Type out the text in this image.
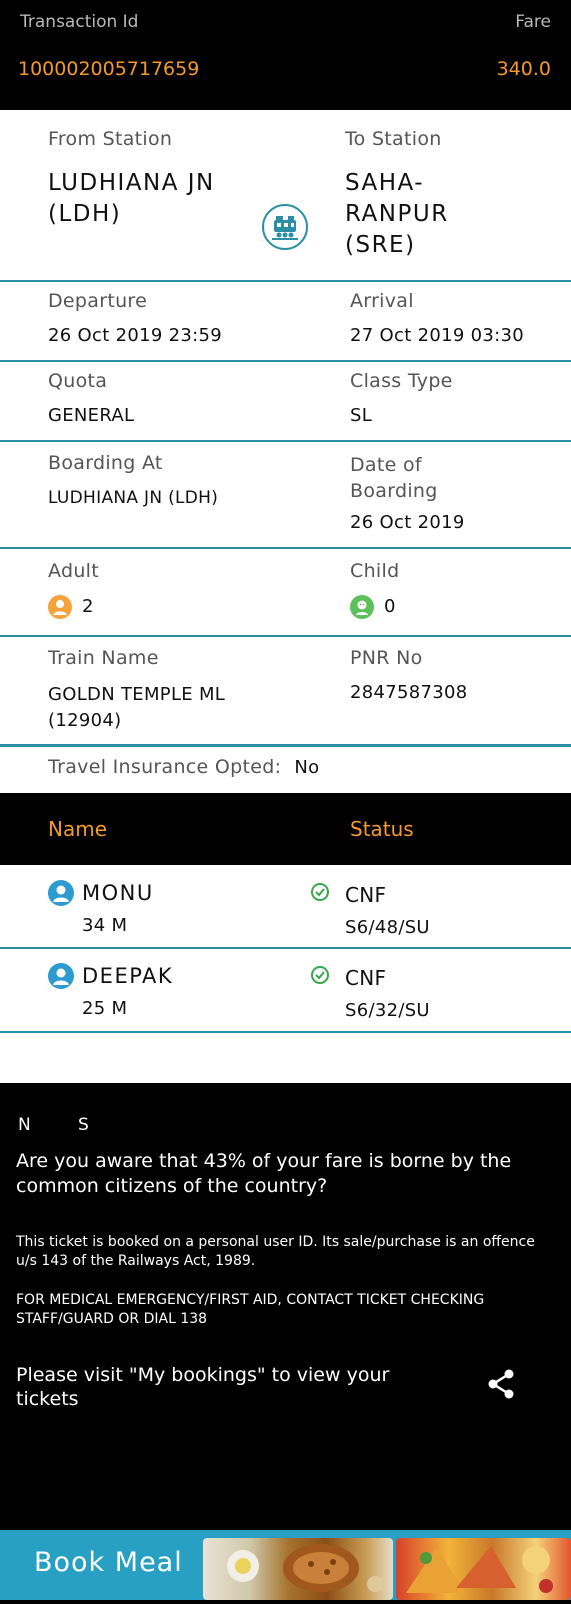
Transaction Id
100002005717659
Fare
340.0
From Station
LUDHIANA JN
(LDH)
To Station
SAHA-
RANPUR
(SRE)
Departure
26 Oct 2019 23:59
Arrival
27 Oct 2019 03:30
Quota
GENERAL
Class Type
SL
Boarding At
LUDHIANA JN (LDH)
Date of
Boarding
26 Oct 2019
Adult
2
Child
0
Train Name
GOLDN TEMPLE ML
(12904)
PNR No
2847587308
Travel Insurance Opted: No
Name	Status
MONU
34 M
CNF
S6/48/SU
DEEPAK
25 M
CNF
S6/32/SU
N	S
Are you aware that 43% of your fare is borne by the common citizens of the country?
This ticket is booked on a personal user ID. Its sale/purchase is an offence u/s 143 of the Railways Act, 1989.
FOR MEDICAL EMERGENCY/FIRST AID, CONTACT TICKET CHECKING STAFF/GUARD OR DIAL 138
Please visit "My bookings" to view your tickets
Book Meal
